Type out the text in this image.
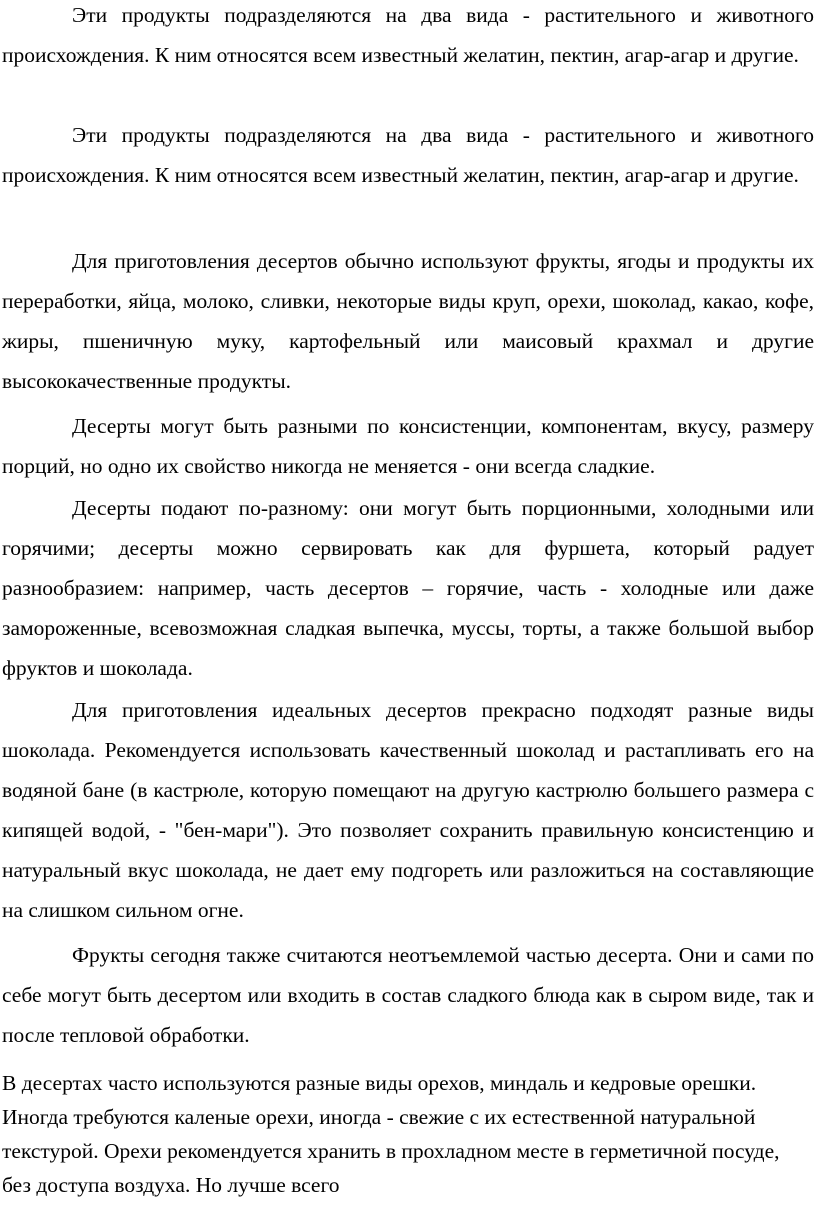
Эти продукты подразделяются на два вида - растительного и животного происхождения. К ним относятся всем известный желатин, пектин, агар-агар и другие.

Эти продукты подразделяются на два вида - растительного и животного происхождения. К ним относятся всем известный желатин, пектин, агар-агар и другие.

Для приготовления десертов обычно используют фрукты, ягоды и продукты их переработки, яйца, молоко, сливки, некоторые виды круп, орехи, шоколад, какао, кофе, жиры, пшеничную муку, картофельный или маисовый крахмал и другие высококачественные продукты.

Десерты могут быть разными по консистенции, компонентам, вкусу, размеру порций, но одно их свойство никогда не меняется - они всегда сладкие.

Десерты подают по-разному: они могут быть порционными, холодными или горячими; десерты можно сервировать как для фуршета, который радует разнообразием: например, часть десертов – горячие, часть - холодные или даже замороженные, всевозможная сладкая выпечка, муссы, торты, а также большой выбор фруктов и шоколада.

Для приготовления идеальных десертов прекрасно подходят разные виды шоколада. Рекомендуется использовать качественный шоколад и растапливать его на водяной бане (в кастрюле, которую помещают на другую кастрюлю большего размера с кипящей водой, - "бен-мари"). Это позволяет сохранить правильную консистенцию и натуральный вкус шоколада, не дает ему подгореть или разложиться на составляющие на слишком сильном огне.

Фрукты сегодня также считаются неотъемлемой частью десерта. Они и сами по себе могут быть десертом или входить в состав сладкого блюда как в сыром виде, так и после тепловой обработки.

В десертах часто используются разные виды орехов, миндаль и кедровые орешки. Иногда требуются каленые орехи, иногда - свежие с их естественной натуральной текстурой. Орехи рекомендуется хранить в прохладном месте в герметичной посуде, без доступа воздуха. Но лучше всего
